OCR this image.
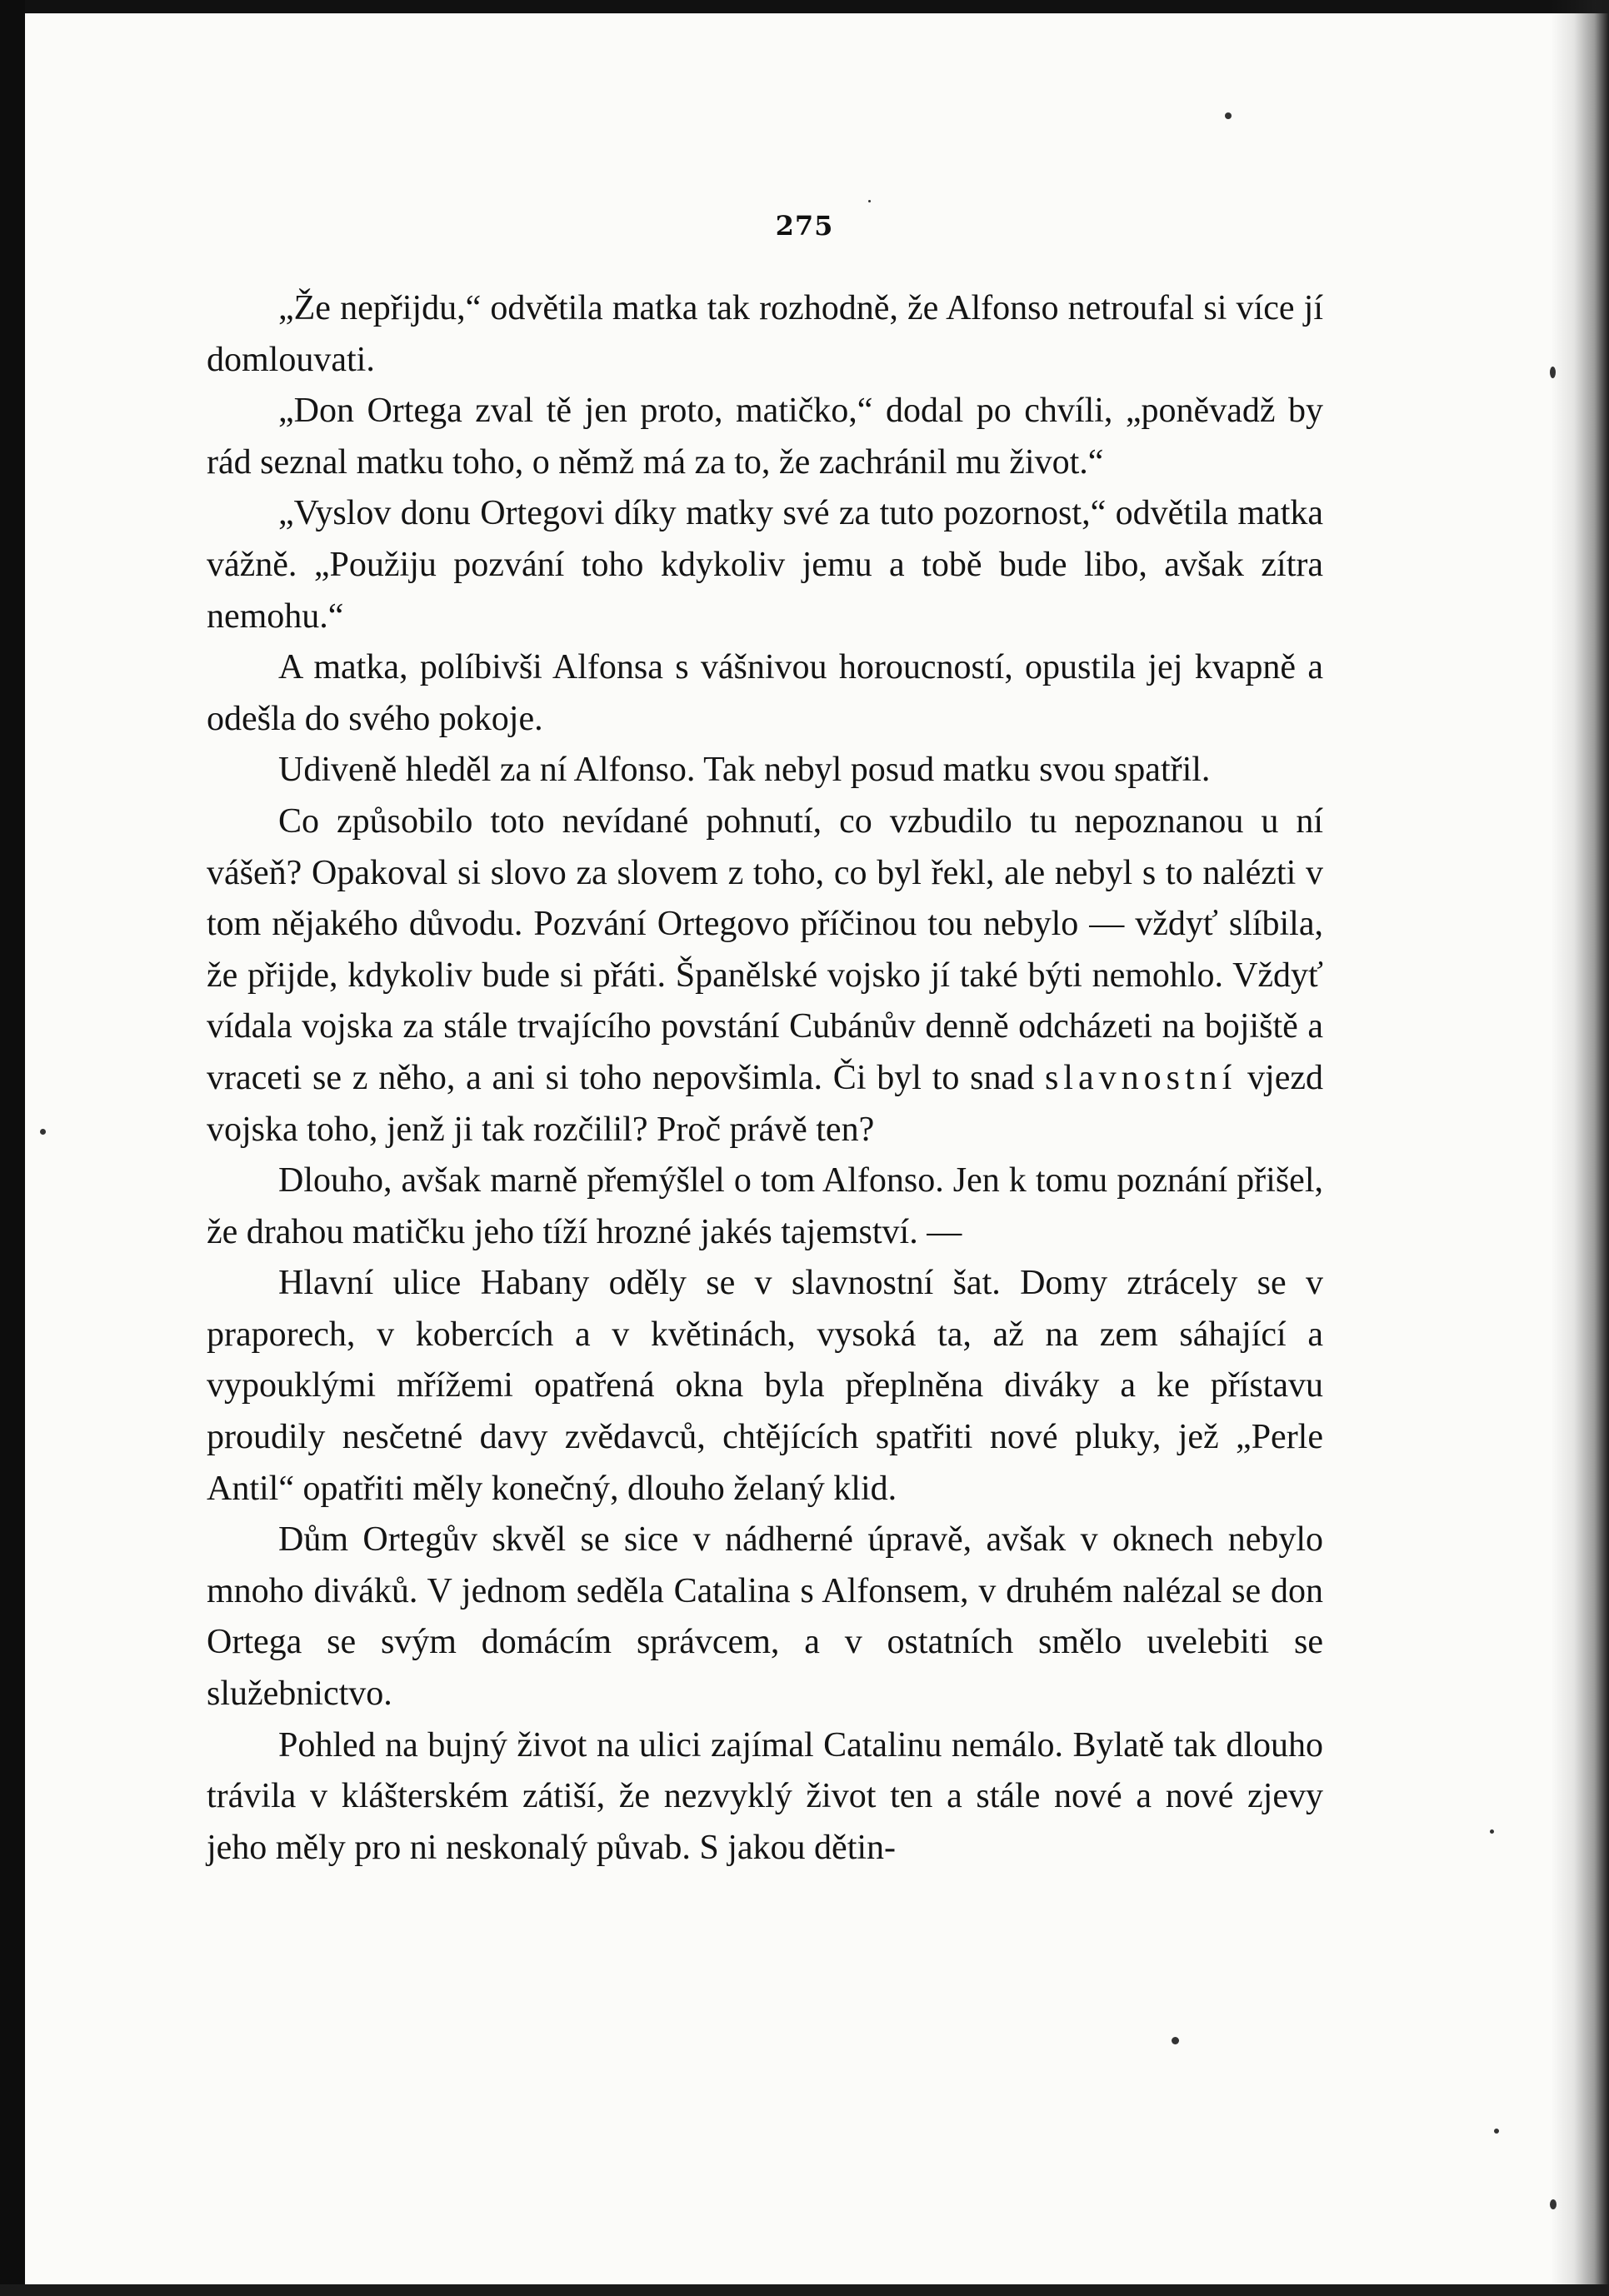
275

„Že nepřijdu,“ odvětila matka tak rozhodně, že Alfonso netroufal si více jí domlouvati.

„Don Ortega zval tě jen proto, matičko,“ dodal po chvíli, „poněvadž by rád seznal matku toho, o němž má za to, že zachránil mu život.“

„Vyslov donu Ortegovi díky matky své za tuto pozornost,“ odvětila matka vážně. „Použiju pozvání toho kdykoliv jemu a tobě bude libo, avšak zítra nemohu.“

A matka, políbivši Alfonsa s vášnivou horoucností, opustila jej kvapně a odešla do svého pokoje.

Udiveně hleděl za ní Alfonso. Tak nebyl posud matku svou spatřil.

Co způsobilo toto nevídané pohnutí, co vzbudilo tu nepoznanou u ní vášeň? Opakoval si slovo za slovem z toho, co byl řekl, ale nebyl s to nalézti v tom nějakého důvodu. Pozvání Ortegovo příčinou tou nebylo — vždyť slíbila, že přijde, kdykoliv bude si přáti. Španělské vojsko jí také býti nemohlo. Vždyť vídala vojska za stále trvajícího povstání Cubánův denně odcházeti na bojiště a vraceti se z něho, a ani si toho nepovšimla. Či byl to snad slavnostní vjezd vojska toho, jenž ji tak rozčilil? Proč právě ten?

Dlouho, avšak marně přemýšlel o tom Alfonso. Jen k tomu poznání přišel, že drahou matičku jeho tíží hrozné jakés tajemství. —

Hlavní ulice Habany oděly se v slavnostní šat. Domy ztrácely se v praporech, v kobercích a v květinách, vysoká ta, až na zem sáhající a vypouklými mřížemi opatřená okna byla přeplněna diváky a ke přístavu proudily nesčetné davy zvědavců, chtějících spatřiti nové pluky, jež „Perle Antil“ opatřiti měly konečný, dlouho želaný klid.

Dům Ortegův skvěl se sice v nádherné úpravě, avšak v oknech nebylo mnoho diváků. V jednom seděla Catalina s Alfonsem, v druhém nalézal se don Ortega se svým domácím správcem, a v ostatních smělo uvelebiti se služebnictvo.

Pohled na bujný život na ulici zajímal Catalinu nemálo. Bylatě tak dlouho trávila v klášterském zátiší, že nezvyklý život ten a stále nové a nové zjevy jeho měly pro ni neskonalý půvab. S jakou dětin-
